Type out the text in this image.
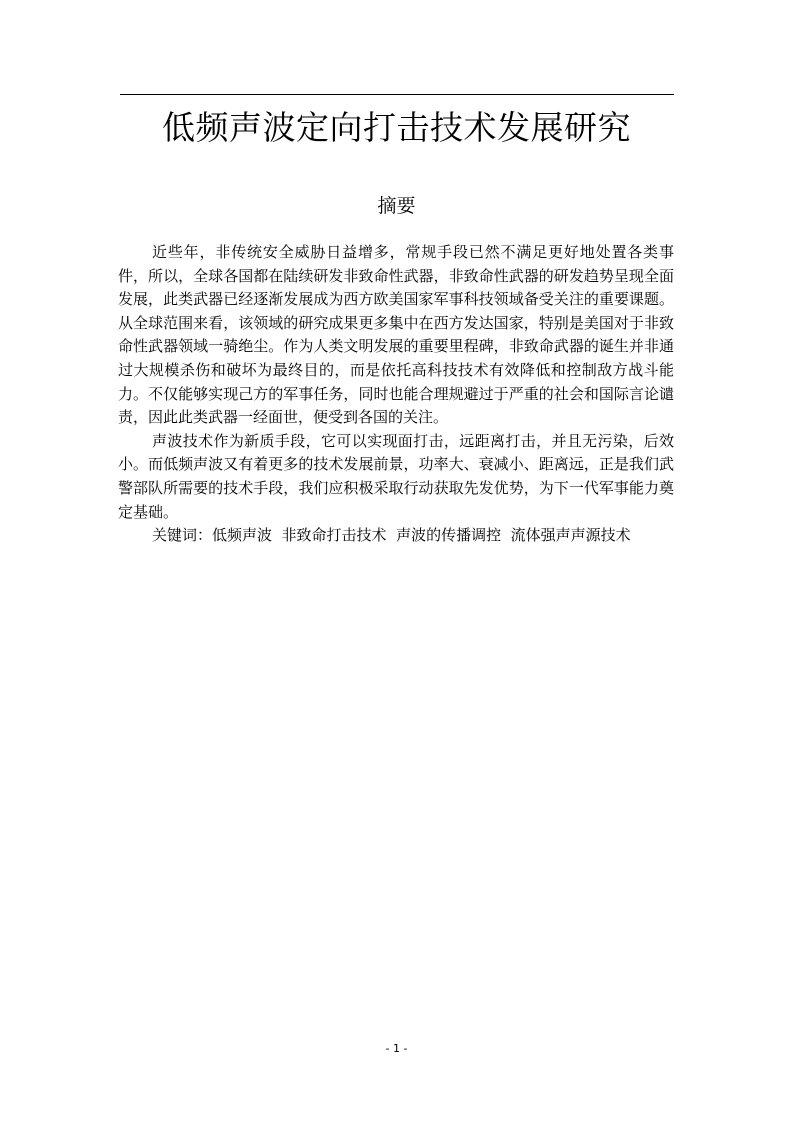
低频声波定向打击技术发展研究
摘要

近些年，非传统安全威胁日益增多，常规手段已然不满足更好地处置各类事件，所以，全球各国都在陆续研发非致命性武器，非致命性武器的研发趋势呈现全面发展，此类武器已经逐渐发展成为西方欧美国家军事科技领域备受关注的重要课题。从全球范围来看，该领域的研究成果更多集中在西方发达国家，特别是美国对于非致命性武器领域一骑绝尘。作为人类文明发展的重要里程碑，非致命武器的诞生并非通过大规模杀伤和破坏为最终目的，而是依托高科技技术有效降低和控制敌方战斗能力。不仅能够实现己方的军事任务，同时也能合理规避过于严重的社会和国际言论谴责，因此此类武器一经面世，便受到各国的关注。

声波技术作为新质手段，它可以实现面打击，远距离打击，并且无污染，后效小。而低频声波又有着更多的技术发展前景，功率大、衰减小、距离远，正是我们武警部队所需要的技术手段，我们应积极采取行动获取先发优势，为下一代军事能力奠定基础。

关键词：低频声波  非致命打击技术  声波的传播调控  流体强声声源技术

- 1 -
